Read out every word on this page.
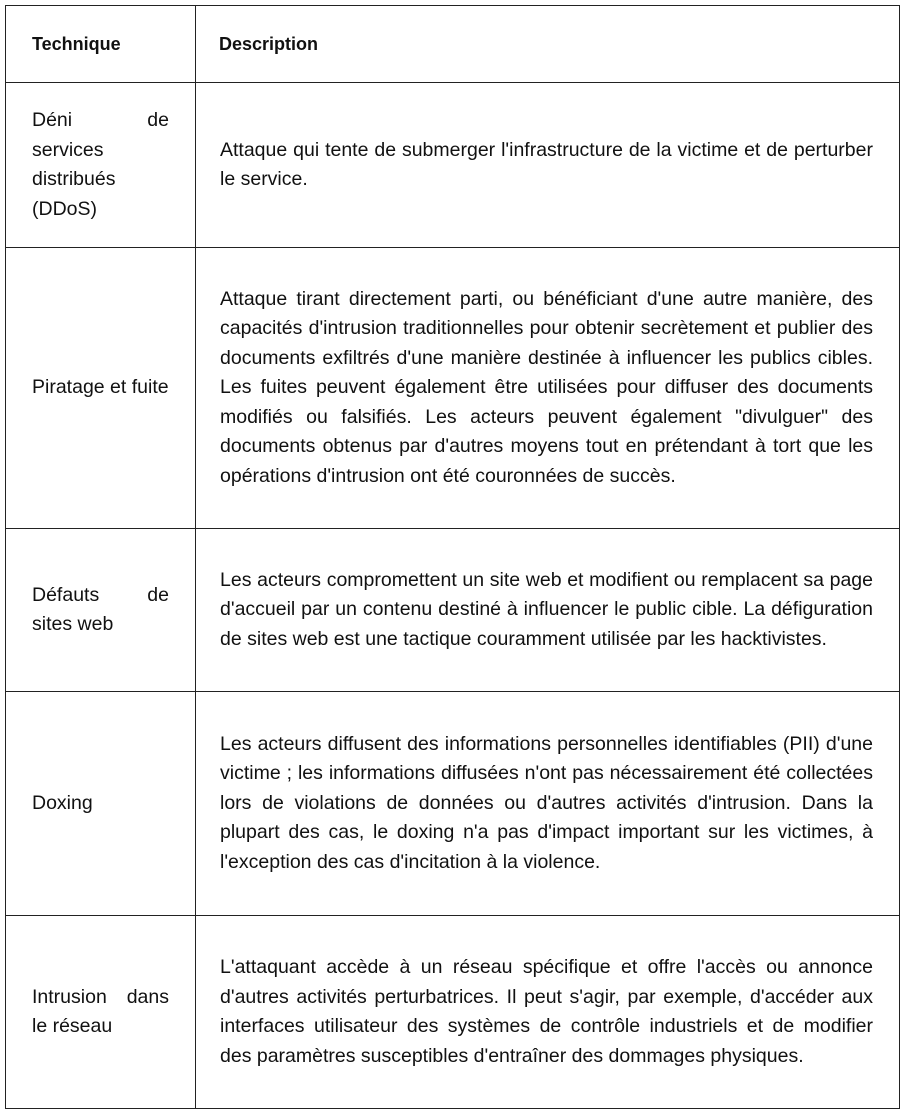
Technique	Description
Déni de services distribués (DDoS)	Attaque qui tente de submerger l'infrastructure de la victime et de perturber le service.
Piratage et fuite	Attaque tirant directement parti, ou bénéficiant d'une autre manière, des capacités d'intrusion traditionnelles pour obtenir secrètement et publier des documents exfiltrés d'une manière destinée à influencer les publics cibles. Les fuites peuvent également être utilisées pour diffuser des documents modifiés ou falsifiés. Les acteurs peuvent également "divulguer" des documents obtenus par d'autres moyens tout en prétendant à tort que les opérations d'intrusion ont été couronnées de succès.
Défauts de sites web	Les acteurs compromettent un site web et modifient ou remplacent sa page d'accueil par un contenu destiné à influencer le public cible. La défiguration de sites web est une tactique couramment utilisée par les hacktivistes.
Doxing	Les acteurs diffusent des informations personnelles identifiables (PII) d'une victime ; les informations diffusées n'ont pas nécessairement été collectées lors de violations de données ou d'autres activités d'intrusion. Dans la plupart des cas, le doxing n'a pas d'impact important sur les victimes, à l'exception des cas d'incitation à la violence.
Intrusion dans le réseau	L'attaquant accède à un réseau spécifique et offre l'accès ou annonce d'autres activités perturbatrices. Il peut s'agir, par exemple, d'accéder aux interfaces utilisateur des systèmes de contrôle industriels et de modifier des paramètres susceptibles d'entraîner des dommages physiques.
